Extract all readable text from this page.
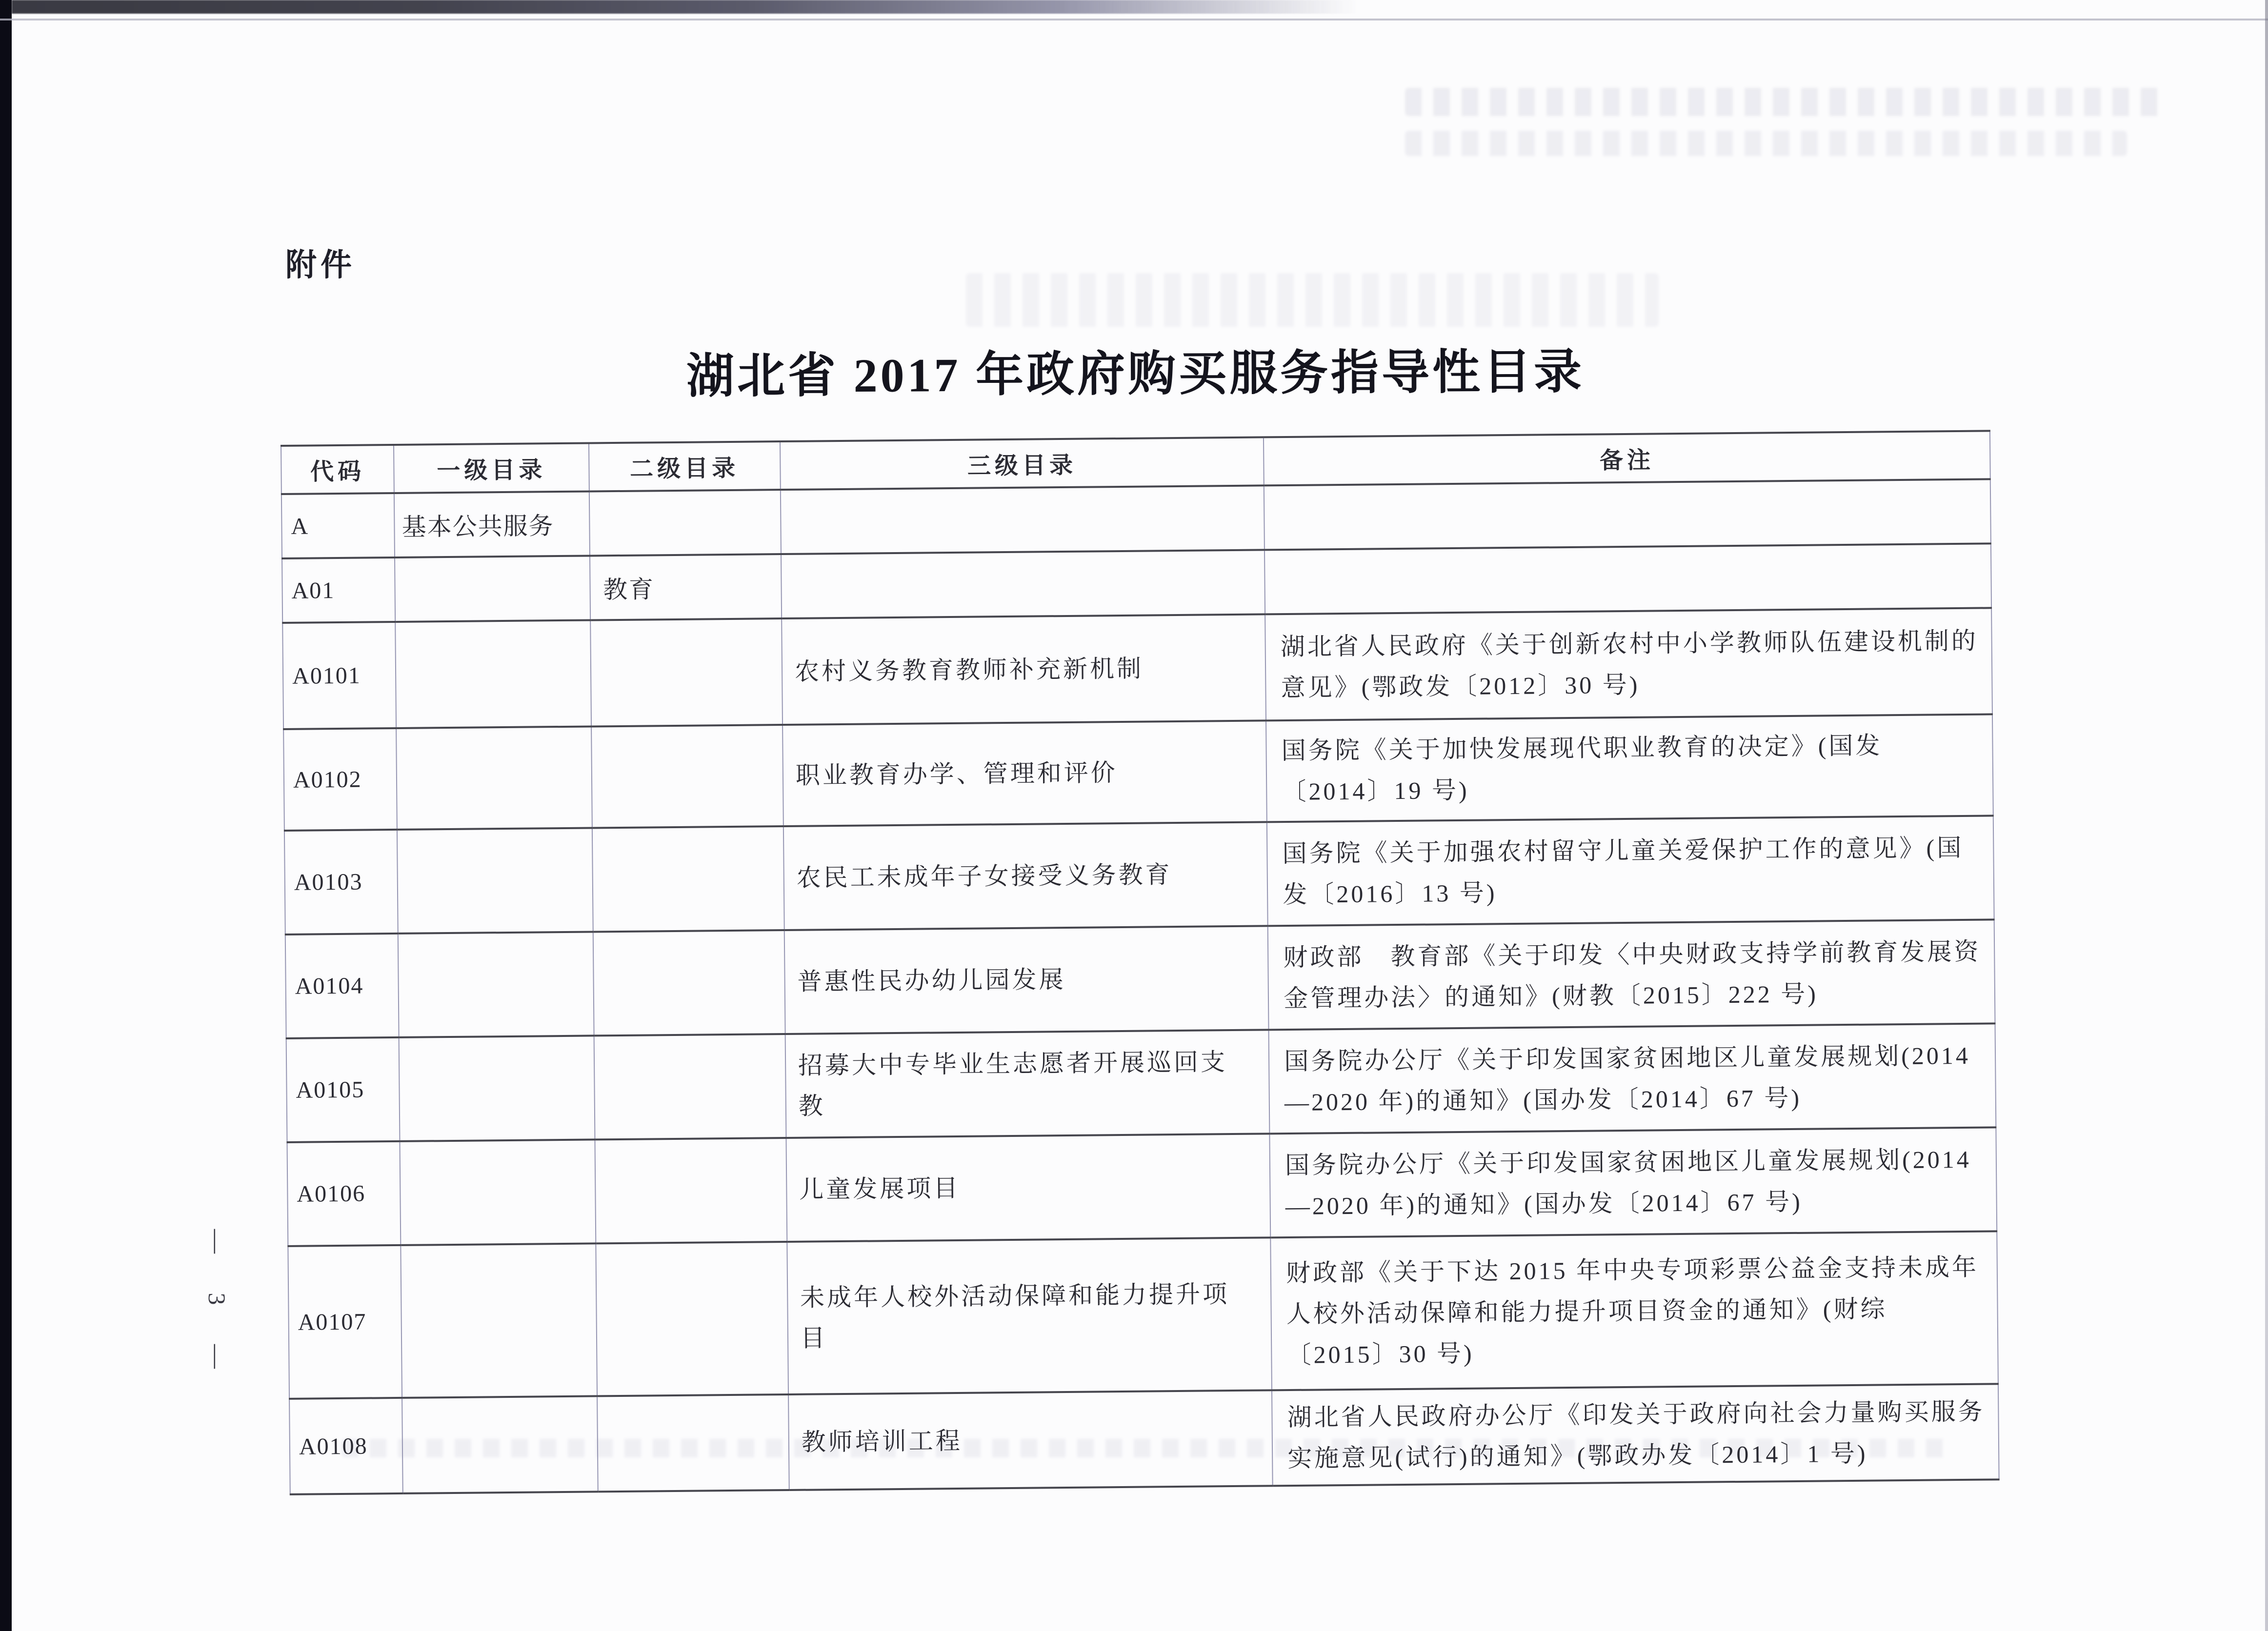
附件
湖北省 2017 年政府购买服务指导性目录
— 3 —
代码	一级目录	二级目录	三级目录	备注
A	基本公共服务			
A01		教育		
A0101			农村义务教育教师补充新机制	湖北省人民政府《关于创新农村中小学教师队伍建设机制的意见》(鄂政发〔2012〕30 号)
A0102			职业教育办学、管理和评价	国务院《关于加快发展现代职业教育的决定》(国发〔2014〕19 号)
A0103			农民工未成年子女接受义务教育	国务院《关于加强农村留守儿童关爱保护工作的意见》(国发〔2016〕13 号)
A0104			普惠性民办幼儿园发展	财政部　教育部《关于印发〈中央财政支持学前教育发展资金管理办法〉的通知》(财教〔2015〕222 号)
A0105			招募大中专毕业生志愿者开展巡回支教	国务院办公厅《关于印发国家贫困地区儿童发展规划(2014—2020 年)的通知》(国办发〔2014〕67 号)
A0106			儿童发展项目	国务院办公厅《关于印发国家贫困地区儿童发展规划(2014—2020 年)的通知》(国办发〔2014〕67 号)
A0107			未成年人校外活动保障和能力提升项目	财政部《关于下达 2015 年中央专项彩票公益金支持未成年人校外活动保障和能力提升项目资金的通知》(财综〔2015〕30 号)
A0108			教师培训工程	湖北省人民政府办公厅《印发关于政府向社会力量购买服务实施意见(试行)的通知》(鄂政办发〔2014〕1 号)
